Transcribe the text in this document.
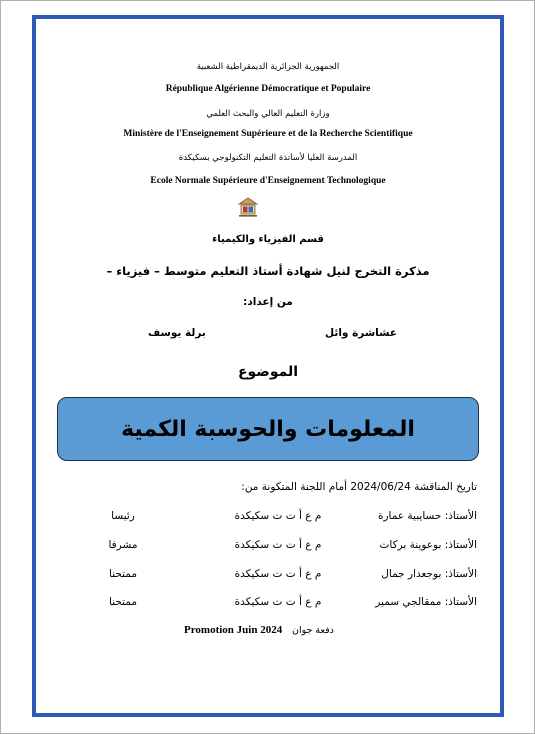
الجمهورية الجزائرية الديمقراطية الشعبية
République Algérienne Démocratique et Populaire
وزارة التعليم العالي والبحث العلمي
Ministère de l'Enseignement Supérieure et de la Recherche Scientifique
المدرسة العليا لأساتذة التعليم التكنولوجي بسكيكدة
Ecole Normale Supérieure d'Enseignement Technologique
قسم الفيزياء والكيمياء
مذكرة التخرج لنيل شهادة أستاذ التعليم متوسط – فيزياء –
من إعداد:
عشاشرة وائل
برلة يوسف
الموضوع
المعلومات والحوسبة الكمية
تاريخ المناقشة 2024/06/24 أمام اللجنة المتكونة من:
الأستاذ: حسايبية عمارة
م ع أ ت ت سكيكدة
رئيسا
الأستاذ: بوعوينة بركات
م ع أ ت ت سكيكدة
مشرفا
الأستاذ: بوجعدار جمال
م ع أ ت ت سكيكدة
ممتحنا
الأستاذ: ممقالجي سمير
م ع أ ت ت سكيكدة
ممتحنا
Promotion Juin 2024 دفعة جوان
